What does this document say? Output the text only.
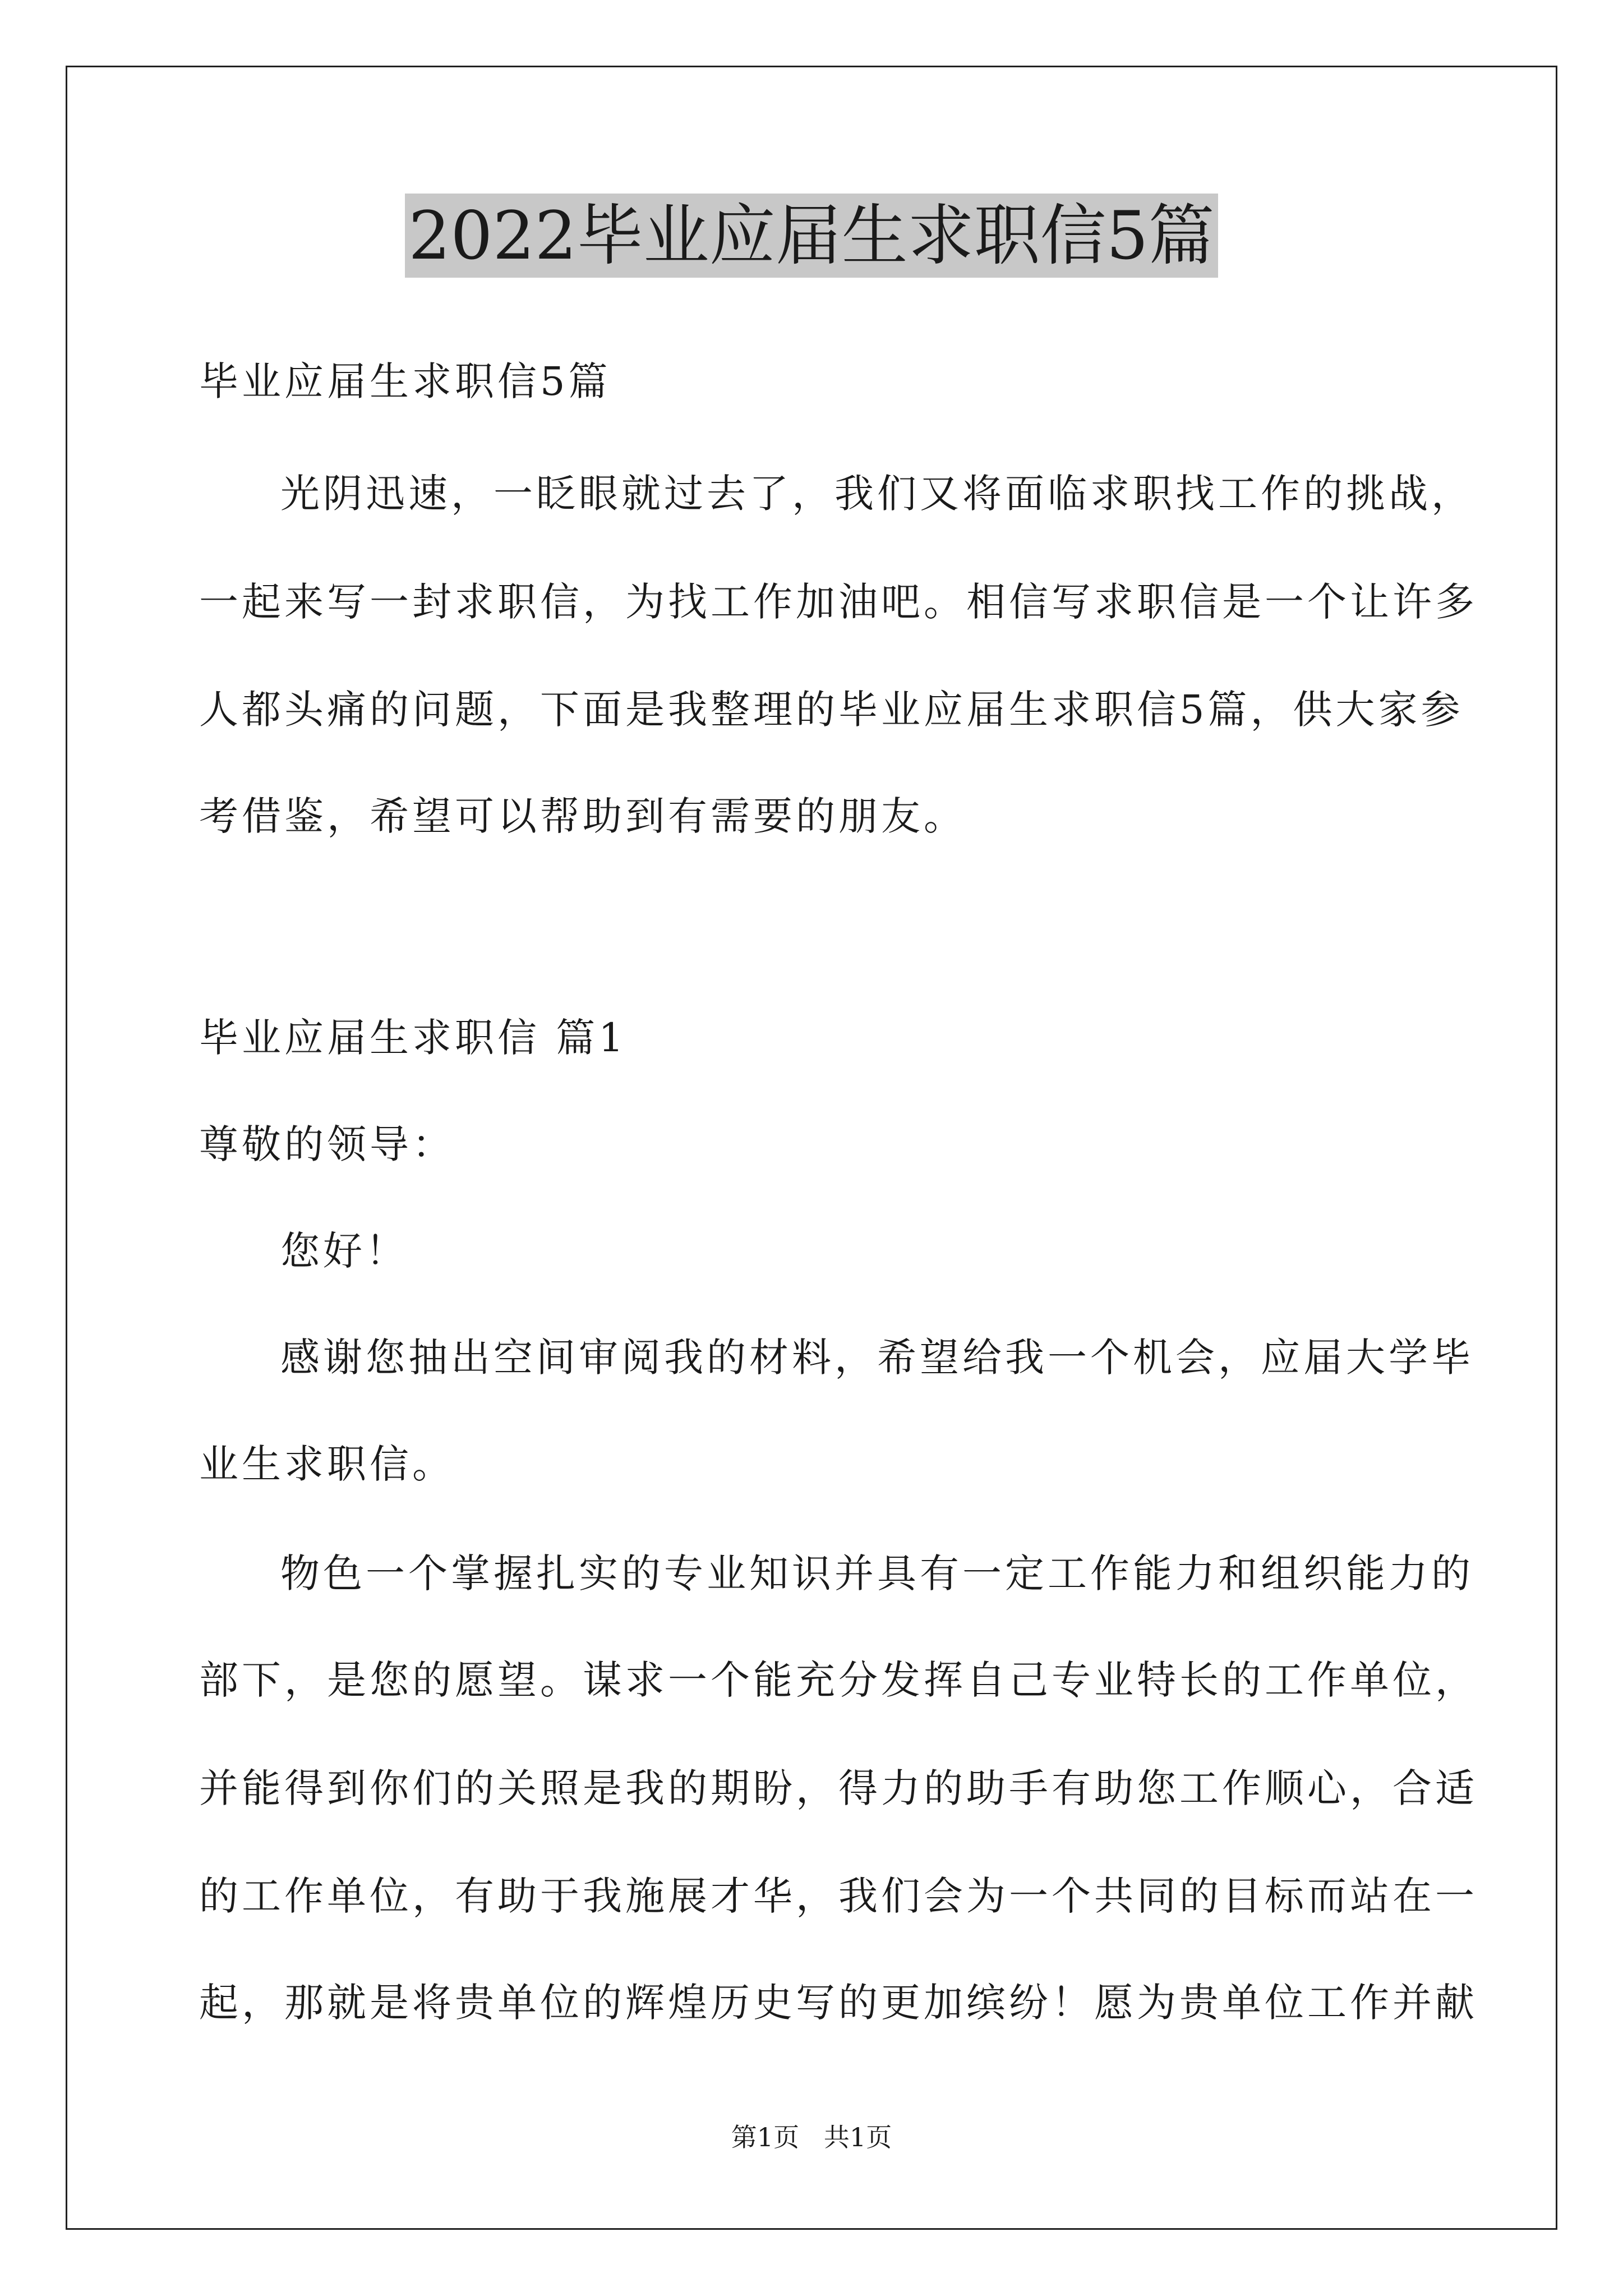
2022毕业应届生求职信5篇

毕业应届生求职信5篇

光阴迅速，一眨眼就过去了，我们又将面临求职找工作的挑战，

一起来写一封求职信，为找工作加油吧。相信写求职信是一个让许多

人都头痛的问题，下面是我整理的毕业应届生求职信5篇，供大家参

考借鉴，希望可以帮助到有需要的朋友。

毕业应届生求职信 篇1

尊敬的领导：

您好！

感谢您抽出空间审阅我的材料，希望给我一个机会，应届大学毕

业生求职信。

物色一个掌握扎实的专业知识并具有一定工作能力和组织能力的

部下，是您的愿望。谋求一个能充分发挥自己专业特长的工作单位，

并能得到你们的关照是我的期盼，得力的助手有助您工作顺心，合适

的工作单位，有助于我施展才华，我们会为一个共同的目标而站在一

起，那就是将贵单位的辉煌历史写的更加缤纷！愿为贵单位工作并献

第1页   共1页
